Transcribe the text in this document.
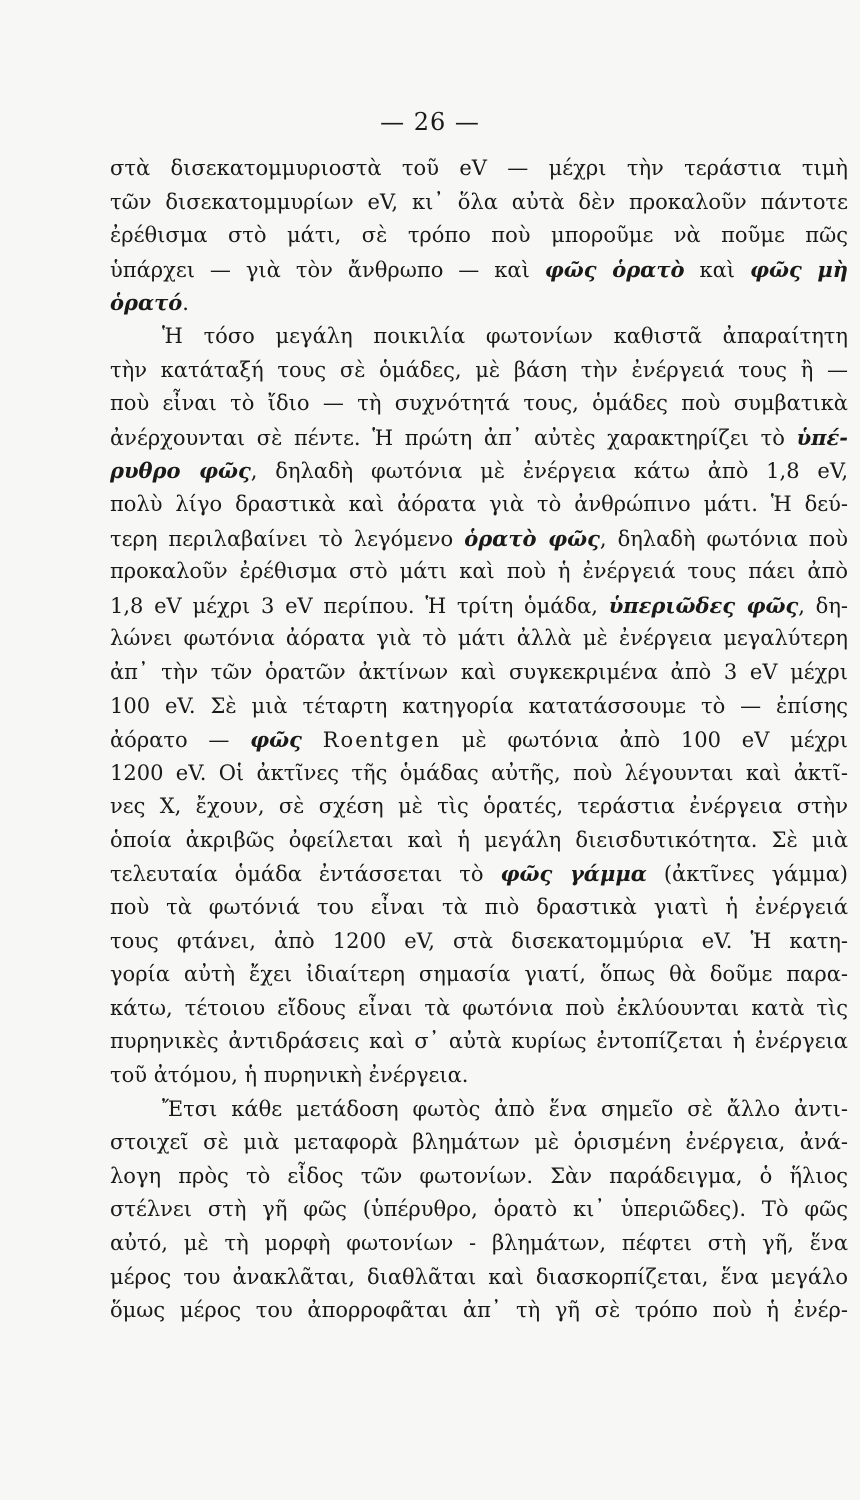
— 26 —
στὰ δισεκατομμυριοστὰ τοῦ eV — μέχρι τὴν τεράστια τιμὴ
τῶν δισεκατομμυρίων eV, κι᾽ ὅλα αὐτὰ δὲν προκαλοῦν πάντοτε
ἐρέθισμα στὸ μάτι, σὲ τρόπο ποὺ μποροῦμε νὰ ποῦμε πῶς
ὑπάρχει — γιὰ τὸν ἄνθρωπο — καὶ φῶς ὁρατὸ καὶ φῶς μὴ
ὁρατό.
Ἡ τόσο μεγάλη ποικιλία φωτονίων καθιστᾶ ἀπαραίτητη
τὴν κατάταξή τους σὲ ὁμάδες, μὲ βάση τὴν ἐνέργειά τους ἢ —
ποὺ εἶναι τὸ ἴδιο — τὴ συχνότητά τους, ὁμάδες ποὺ συμβατικὰ
ἀνέρχουνται σὲ πέντε. Ἡ πρώτη ἀπ᾽ αὐτὲς χαρακτηρίζει τὸ ὑπέ-
ρυθρο φῶς, δηλαδὴ φωτόνια μὲ ἐνέργεια κάτω ἀπὸ 1,8 eV,
πολὺ λίγο δραστικὰ καὶ ἀόρατα γιὰ τὸ ἀνθρώπινο μάτι. Ἡ δεύ-
τερη περιλαβαίνει τὸ λεγόμενο ὁρατὸ φῶς, δηλαδὴ φωτόνια ποὺ
προκαλοῦν ἐρέθισμα στὸ μάτι καὶ ποὺ ἡ ἐνέργειά τους πάει ἀπὸ
1,8 eV μέχρι 3 eV περίπου. Ἡ τρίτη ὁμάδα, ὑπεριῶδες φῶς, δη-
λώνει φωτόνια ἀόρατα γιὰ τὸ μάτι ἀλλὰ μὲ ἐνέργεια μεγαλύτερη
ἀπ᾽ τὴν τῶν ὁρατῶν ἀκτίνων καὶ συγκεκριμένα ἀπὸ 3 eV μέχρι
100 eV. Σὲ μιὰ τέταρτη κατηγορία κατατάσσουμε τὸ — ἐπίσης
ἀόρατο — φῶς Roentgen μὲ φωτόνια ἀπὸ 100 eV μέχρι
1200 eV. Οἱ ἀκτῖνες τῆς ὁμάδας αὐτῆς, ποὺ λέγουνται καὶ ἀκτῖ-
νες X, ἔχουν, σὲ σχέση μὲ τὶς ὁρατές, τεράστια ἐνέργεια στὴν
ὁποία ἀκριβῶς ὀφείλεται καὶ ἡ μεγάλη διεισδυτικότητα. Σὲ μιὰ
τελευταία ὁμάδα ἐντάσσεται τὸ φῶς γάμμα (ἀκτῖνες γάμμα)
ποὺ τὰ φωτόνιά του εἶναι τὰ πιὸ δραστικὰ γιατὶ ἡ ἐνέργειά
τους φτάνει, ἀπὸ 1200 eV, στὰ δισεκατομμύρια eV. Ἡ κατη-
γορία αὐτὴ ἔχει ἰδιαίτερη σημασία γιατί, ὅπως θὰ δοῦμε παρα-
κάτω, τέτοιου εἴδους εἶναι τὰ φωτόνια ποὺ ἐκλύουνται κατὰ τὶς
πυρηνικὲς ἀντιδράσεις καὶ σ᾽ αὐτὰ κυρίως ἐντοπίζεται ἡ ἐνέργεια
τοῦ ἀτόμου, ἡ πυρηνικὴ ἐνέργεια.
Ἔτσι κάθε μετάδοση φωτὸς ἀπὸ ἕνα σημεῖο σὲ ἄλλο ἀντι-
στοιχεῖ σὲ μιὰ μεταφορὰ βλημάτων μὲ ὁρισμένη ἐνέργεια, ἀνά-
λογη πρὸς τὸ εἶδος τῶν φωτονίων. Σὰν παράδειγμα, ὁ ἥλιος
στέλνει στὴ γῆ φῶς (ὑπέρυθρο, ὁρατὸ κι᾽ ὑπεριῶδες). Τὸ φῶς
αὐτό, μὲ τὴ μορφὴ φωτονίων - βλημάτων, πέφτει στὴ γῆ, ἕνα
μέρος του ἀνακλᾶται, διαθλᾶται καὶ διασκορπίζεται, ἕνα μεγάλο
ὅμως μέρος του ἀπορροφᾶται ἀπ᾽ τὴ γῆ σὲ τρόπο ποὺ ἡ ἐνέρ-
